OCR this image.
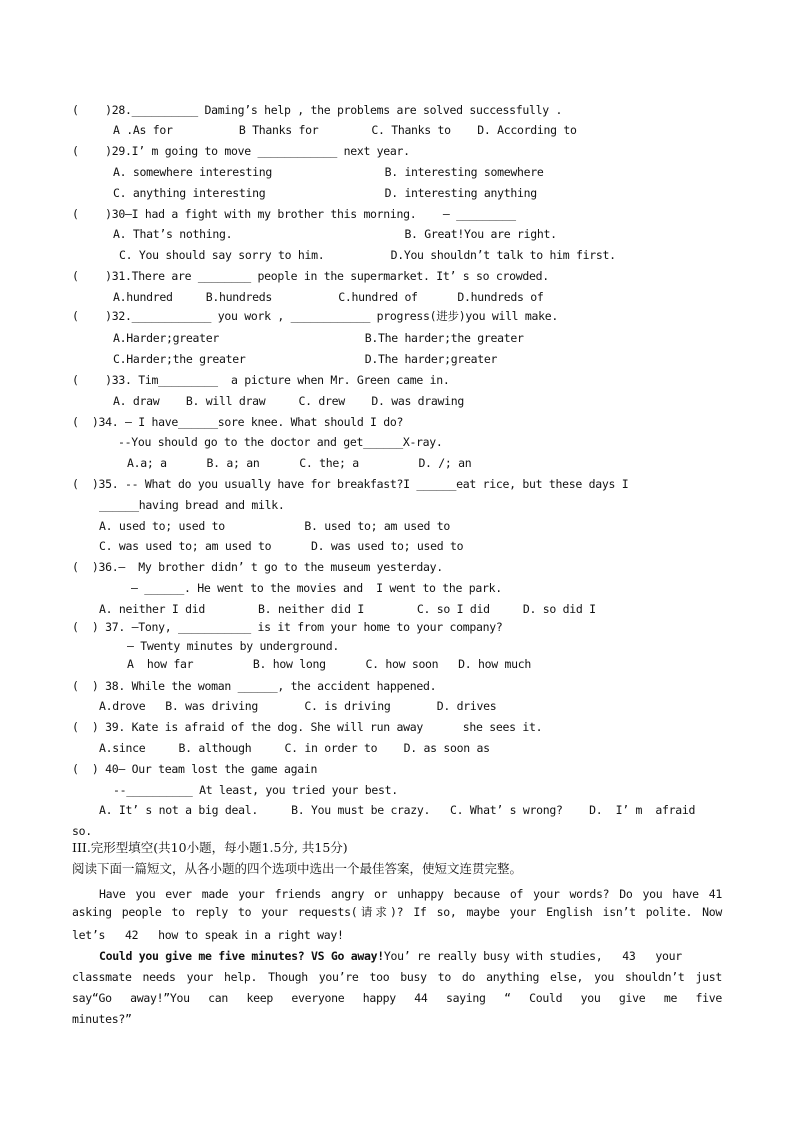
(    )28.__________ Daming’s help , the problems are solved successfully .
A .As for          B Thanks for        C. Thanks to    D. According to
(    )29.I’ m going to move ____________ next year.
A. somewhere interesting                 B. interesting somewhere
C. anything interesting                  D. interesting anything
(    )30—I had a fight with my brother this morning.    — _________
A. That’s nothing.                          B. Great!You are right.
C. You should say sorry to him.          D.You shouldn’t talk to him first.
(    )31.There are ________ people in the supermarket. It’ s so crowded.
A.hundred     B.hundreds          C.hundred of      D.hundreds of
(    )32.____________ you work , ____________ progress(进步)you will make.
A.Harder;greater                      B.The harder;the greater
C.Harder;the greater                  D.The harder;greater
(    )33. Tim_________  a picture when Mr. Green came in.
A. draw    B. will draw     C. drew    D. was drawing
(  )34. — I have______sore knee. What should I do?
--You should go to the doctor and get______X-ray.
A.a; a      B. a; an      C. the; a         D. /; an
(  )35. -- What do you usually have for breakfast?I ______eat rice, but these days I
______having bread and milk.
A. used to; used to            B. used to; am used to
C. was used to; am used to      D. was used to; used to
(  )36.—  My brother didn’ t go to the museum yesterday.
— ______. He went to the movies and  I went to the park.
A. neither I did        B. neither did I        C. so I did     D. so did I
(  ) 37. —Tony, ___________ is it from your home to your company?
— Twenty minutes by underground.
A  how far         B. how long      C. how soon   D. how much
(  ) 38. While the woman ______, the accident happened.
A.drove   B. was driving       C. is driving       D. drives
(  ) 39. Kate is afraid of the dog. She will run away      she sees it.
A.since     B. although     C. in order to    D. as soon as
(  ) 40— Our team lost the game again
--__________ At least, you tried your best.
A. It’ s not a big deal.     B. You must be crazy.   C. What’ s wrong?    D.  I’ m  afraid
so.
III.完形型填空(共10小题，每小题1.5分, 共15分)
阅读下面一篇短文，从各小题的四个选项中选出一个最佳答案，使短文连贯完整。
Have you ever made your friends angry or unhappy because of your words? Do you have 41
asking people to reply to your requests(请求)? If so, maybe your English isn’t polite. Now
let’s   42   how to speak in a right way!
Could you give me five minutes? VS Go away!You’ re really busy with studies,   43   your
classmate needs your help. Though you’re too busy to do anything else, you shouldn’t just
say“Go away!”You can keep everyone happy 44 saying “ Could you give me five
minutes?”
